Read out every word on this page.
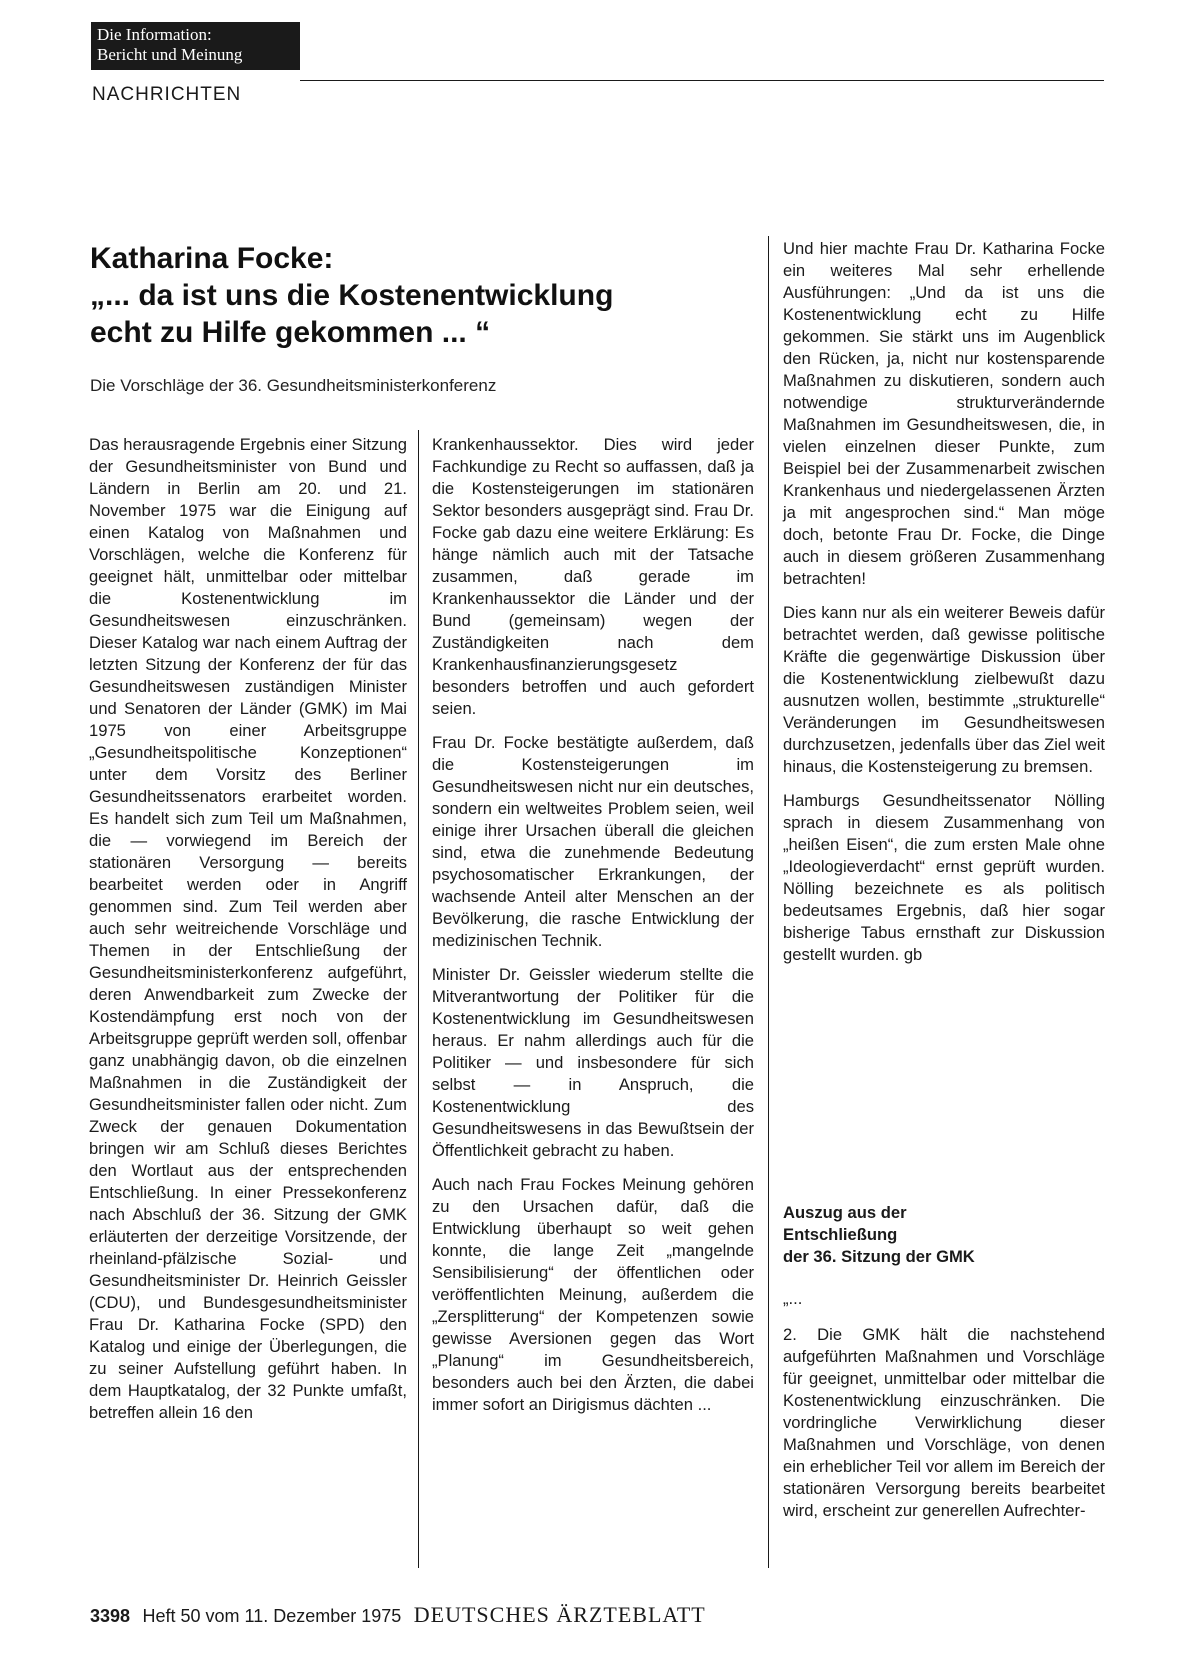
Die Information:
Bericht und Meinung
NACHRICHTEN
Katharina Focke:
„... da ist uns die Kostenentwicklung
echt zu Hilfe gekommen ... “
Die Vorschläge der 36. Gesundheitsministerkonferenz

Das herausragende Ergebnis einer Sitzung der Gesundheitsminister von Bund und Ländern in Berlin am 20. und 21. November 1975 war die Einigung auf einen Katalog von Maßnahmen und Vorschlägen, welche die Konferenz für geeignet hält, unmittelbar oder mittelbar die Kostenentwicklung im Gesundheitswesen einzuschränken. Dieser Katalog war nach einem Auftrag der letzten Sitzung der Konferenz der für das Gesundheitswesen zuständigen Minister und Senatoren der Länder (GMK) im Mai 1975 von einer Arbeitsgruppe „Gesundheitspolitische Konzeptionen“ unter dem Vorsitz des Berliner Gesundheitssenators erarbeitet worden. Es handelt sich zum Teil um Maßnahmen, die — vorwiegend im Bereich der stationären Versorgung — bereits bearbeitet werden oder in Angriff genommen sind. Zum Teil werden aber auch sehr weitreichende Vorschläge und Themen in der Entschließung der Gesundheitsministerkonferenz aufgeführt, deren Anwendbarkeit zum Zwecke der Kostendämpfung erst noch von der Arbeitsgruppe geprüft werden soll, offenbar ganz unabhängig davon, ob die einzelnen Maßnahmen in die Zuständigkeit der Gesundheitsminister fallen oder nicht. Zum Zweck der genauen Dokumentation bringen wir am Schluß dieses Berichtes den Wortlaut aus der entsprechenden Entschließung. In einer Pressekonferenz nach Abschluß der 36. Sitzung der GMK erläuterten der derzeitige Vorsitzende, der rheinland-pfälzische Sozial- und Gesundheitsminister Dr. Heinrich Geissler (CDU), und Bundesgesundheitsminister Frau Dr. Katharina Focke (SPD) den Katalog und einige der Überlegungen, die zu seiner Aufstellung geführt haben. In dem Hauptkatalog, der 32 Punkte umfaßt, betreffen allein 16 den

Krankenhaussektor. Dies wird jeder Fachkundige zu Recht so auffassen, daß ja die Kostensteigerungen im stationären Sektor besonders ausgeprägt sind. Frau Dr. Focke gab dazu eine weitere Erklärung: Es hänge nämlich auch mit der Tatsache zusammen, daß gerade im Krankenhaussektor die Länder und der Bund (gemeinsam) wegen der Zuständigkeiten nach dem Krankenhausfinanzierungsgesetz besonders betroffen und auch gefordert seien.

Frau Dr. Focke bestätigte außerdem, daß die Kostensteigerungen im Gesundheitswesen nicht nur ein deutsches, sondern ein weltweites Problem seien, weil einige ihrer Ursachen überall die gleichen sind, etwa die zunehmende Bedeutung psychosomatischer Erkrankungen, der wachsende Anteil alter Menschen an der Bevölkerung, die rasche Entwicklung der medizinischen Technik.

Minister Dr. Geissler wiederum stellte die Mitverantwortung der Politiker für die Kostenentwicklung im Gesundheitswesen heraus. Er nahm allerdings auch für die Politiker — und insbesondere für sich selbst — in Anspruch, die Kostenentwicklung des Gesundheitswesens in das Bewußtsein der Öffentlichkeit gebracht zu haben.

Auch nach Frau Fockes Meinung gehören zu den Ursachen dafür, daß die Entwicklung überhaupt so weit gehen konnte, die lange Zeit „mangelnde Sensibilisierung“ der öffentlichen oder veröffentlichten Meinung, außerdem die „Zersplitterung“ der Kompetenzen sowie gewisse Aversionen gegen das Wort „Planung“ im Gesundheitsbereich, besonders auch bei den Ärzten, die dabei immer sofort an Dirigismus dächten ...

Und hier machte Frau Dr. Katharina Focke ein weiteres Mal sehr erhellende Ausführungen: „Und da ist uns die Kostenentwicklung echt zu Hilfe gekommen. Sie stärkt uns im Augenblick den Rücken, ja, nicht nur kostensparende Maßnahmen zu diskutieren, sondern auch notwendige strukturverändernde Maßnahmen im Gesundheitswesen, die, in vielen einzelnen dieser Punkte, zum Beispiel bei der Zusammenarbeit zwischen Krankenhaus und niedergelassenen Ärzten ja mit angesprochen sind.“ Man möge doch, betonte Frau Dr. Focke, die Dinge auch in diesem größeren Zusammenhang betrachten!

Dies kann nur als ein weiterer Beweis dafür betrachtet werden, daß gewisse politische Kräfte die gegenwärtige Diskussion über die Kostenentwicklung zielbewußt dazu ausnutzen wollen, bestimmte „strukturelle“ Veränderungen im Gesundheitswesen durchzusetzen, jedenfalls über das Ziel weit hinaus, die Kostensteigerung zu bremsen.

Hamburgs Gesundheitssenator Nölling sprach in diesem Zusammenhang von „heißen Eisen“, die zum ersten Male ohne „Ideologieverdacht“ ernst geprüft wurden. Nölling bezeichnete es als politisch bedeutsames Ergebnis, daß hier sogar bisherige Tabus ernsthaft zur Diskussion gestellt wurden. gb

Auszug aus der
Entschließung
der 36. Sitzung der GMK

„...

2. Die GMK hält die nachstehend aufgeführten Maßnahmen und Vorschläge für geeignet, unmittelbar oder mittelbar die Kostenentwicklung einzuschränken. Die vordringliche Verwirklichung dieser Maßnahmen und Vorschläge, von denen ein erheblicher Teil vor allem im Bereich der stationären Versorgung bereits bearbeitet wird, erscheint zur generellen Aufrechter-

3398 Heft 50 vom 11. Dezember 1975 DEUTSCHES ÄRZTEBLATT
